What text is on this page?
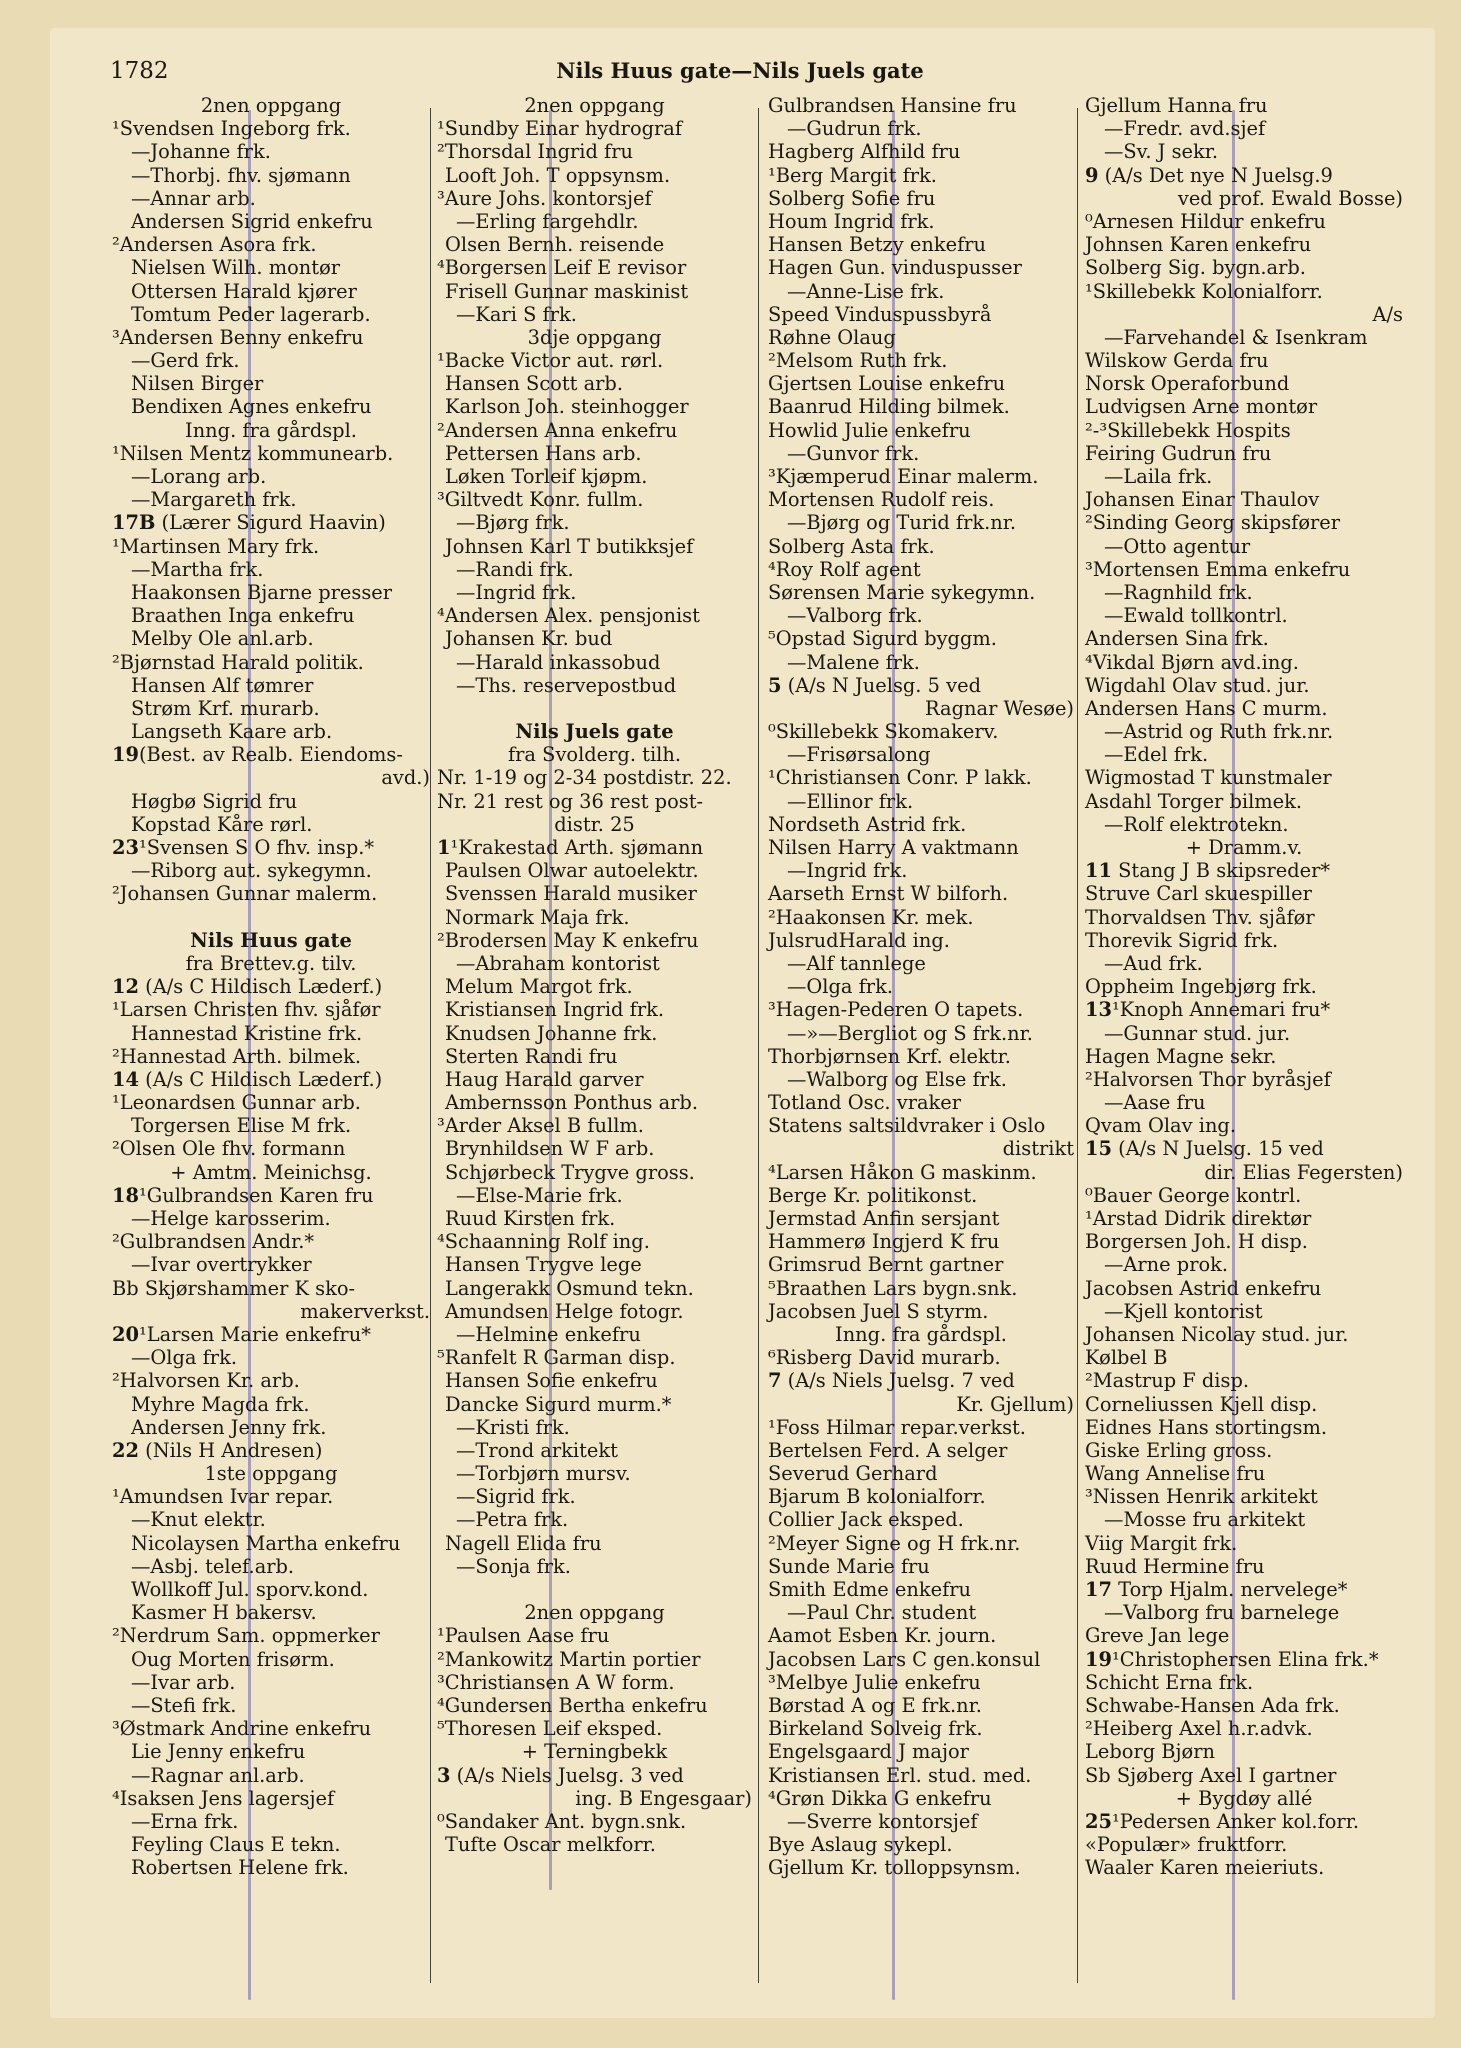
1782	Nils Huus gate—Nils Juels gate
2nen oppgang
¹Svendsen Ingeborg frk.
—Johanne frk.
—Thorbj. fhv. sjømann
—Annar arb.
Andersen Sigrid enkefru
²Andersen Asora frk.
Nielsen Wilh. montør
Ottersen Harald kjører
Tomtum Peder lagerarb.
³Andersen Benny enkefru
—Gerd frk.
Nilsen Birger
Bendixen Agnes enkefru
Inng. fra gårdspl.
¹Nilsen Mentz kommunearb.
—Lorang arb.
—Margareth frk.
17B (Lærer Sigurd Haavin)
¹Martinsen Mary frk.
—Martha frk.
Haakonsen Bjarne presser
Braathen Inga enkefru
Melby Ole anl.arb.
²Bjørnstad Harald politik.
Hansen Alf tømrer
Strøm Krf. murarb.
Langseth Kaare arb.
19(Best. av Realb. Eiendoms-
avd.)
Høgbø Sigrid fru
Kopstad Kåre rørl.
23¹Svensen S O fhv. insp.*
—Riborg aut. sykegymn.
²Johansen Gunnar malerm.
Nils Huus gate
fra Brettev.g. tilv.
12 (A/s C Hildisch Læderf.)
¹Larsen Christen fhv. sjåfør
Hannestad Kristine frk.
²Hannestad Arth. bilmek.
14 (A/s C Hildisch Læderf.)
¹Leonardsen Gunnar arb.
Torgersen Elise M frk.
²Olsen Ole fhv. formann
+ Amtm. Meinichsg.
18¹Gulbrandsen Karen fru
—Helge karosserim.
²Gulbrandsen Andr.*
—Ivar overtrykker
Bb Skjørshammer K sko-
makerverkst.
20¹Larsen Marie enkefru*
—Olga frk.
²Halvorsen Kr. arb.
Myhre Magda frk.
Andersen Jenny frk.
22 (Nils H Andresen)
1ste oppgang
¹Amundsen Ivar repar.
—Knut elektr.
Nicolaysen Martha enkefru
—Asbj. telef.arb.
Wollkoff Jul. sporv.kond.
Kasmer H bakersv.
²Nerdrum Sam. oppmerker
Oug Morten frisørm.
—Ivar arb.
—Stefi frk.
³Østmark Andrine enkefru
Lie Jenny enkefru
—Ragnar anl.arb.
⁴Isaksen Jens lagersjef
—Erna frk.
Feyling Claus E tekn.
Robertsen Helene frk.
2nen oppgang
¹Sundby Einar hydrograf
²Thorsdal Ingrid fru
Looft Joh. T oppsynsm.
³Aure Johs. kontorsjef
—Erling fargehdlr.
Olsen Bernh. reisende
⁴Borgersen Leif E revisor
Frisell Gunnar maskinist
—Kari S frk.
3dje oppgang
¹Backe Victor aut. rørl.
Hansen Scott arb.
Karlson Joh. steinhogger
²Andersen Anna enkefru
Pettersen Hans arb.
Løken Torleif kjøpm.
³Giltvedt Konr. fullm.
—Bjørg frk.
Johnsen Karl T butikksjef
—Randi frk.
—Ingrid frk.
⁴Andersen Alex. pensjonist
Johansen Kr. bud
—Harald inkassobud
—Ths. reservepostbud
Nils Juels gate
fra Svolderg. tilh.
Nr. 1-19 og 2-34 postdistr. 22.
Nr. 21 rest og 36 rest post-
distr. 25
1¹Krakestad Arth. sjømann
Paulsen Olwar autoelektr.
Svenssen Harald musiker
Normark Maja frk.
²Brodersen May K enkefru
—Abraham kontorist
Melum Margot frk.
Kristiansen Ingrid frk.
Knudsen Johanne frk.
Sterten Randi fru
Haug Harald garver
Ambernsson Ponthus arb.
³Arder Aksel B fullm.
Brynhildsen W F arb.
Schjørbeck Trygve gross.
—Else-Marie frk.
Ruud Kirsten frk.
⁴Schaanning Rolf ing.
Hansen Trygve lege
Langerakk Osmund tekn.
Amundsen Helge fotogr.
—Helmine enkefru
⁵Ranfelt R Garman disp.
Hansen Sofie enkefru
Dancke Sigurd murm.*
—Kristi frk.
—Trond arkitekt
—Torbjørn mursv.
—Sigrid frk.
—Petra frk.
Nagell Elida fru
—Sonja frk.
2nen oppgang
¹Paulsen Aase fru
²Mankowitz Martin portier
³Christiansen A W form.
⁴Gundersen Bertha enkefru
⁵Thoresen Leif eksped.
+ Terningbekk
3 (A/s Niels Juelsg. 3 ved
ing. B Engesgaar)
⁰Sandaker Ant. bygn.snk.
Tufte Oscar melkforr.
Gulbrandsen Hansine fru
—Gudrun frk.
Hagberg Alfhild fru
¹Berg Margit frk.
Solberg Sofie fru
Houm Ingrid frk.
Hansen Betzy enkefru
Hagen Gun. vinduspusser
—Anne-Lise frk.
Speed Vinduspussbyrå
Røhne Olaug
²Melsom Ruth frk.
Gjertsen Louise enkefru
Baanrud Hilding bilmek.
Howlid Julie enkefru
—Gunvor frk.
³Kjæmperud Einar malerm.
Mortensen Rudolf reis.
—Bjørg og Turid frk.nr.
Solberg Asta frk.
⁴Roy Rolf agent
Sørensen Marie sykegymn.
—Valborg frk.
⁵Opstad Sigurd byggm.
—Malene frk.
5 (A/s N Juelsg. 5 ved
Ragnar Wesøe)
⁰Skillebekk Skomakerv.
—Frisørsalong
¹Christiansen Conr. P lakk.
—Ellinor frk.
Nordseth Astrid frk.
Nilsen Harry A vaktmann
—Ingrid frk.
Aarseth Ernst W bilforh.
²Haakonsen Kr. mek.
JulsrudHarald ing.
—Alf tannlege
—Olga frk.
³Hagen-Pederen O tapets.
—»—Bergliot og S frk.nr.
Thorbjørnsen Krf. elektr.
—Walborg og Else frk.
Totland Osc. vraker
Statens saltsildvraker i Oslo
distrikt
⁴Larsen Håkon G maskinm.
Berge Kr. politikonst.
Jermstad Anfin sersjant
Hammerø Ingjerd K fru
Grimsrud Bernt gartner
⁵Braathen Lars bygn.snk.
Jacobsen Juel S styrm.
Inng. fra gårdspl.
⁶Risberg David murarb.
7 (A/s Niels Juelsg. 7 ved
Kr. Gjellum)
¹Foss Hilmar repar.verkst.
Bertelsen Ferd. A selger
Severud Gerhard
Bjarum B kolonialforr.
Collier Jack eksped.
²Meyer Signe og H frk.nr.
Sunde Marie fru
Smith Edme enkefru
—Paul Chr. student
Aamot Esben Kr. journ.
Jacobsen Lars C gen.konsul
³Melbye Julie enkefru
Børstad A og E frk.nr.
Birkeland Solveig frk.
Engelsgaard J major
Kristiansen Erl. stud. med.
⁴Grøn Dikka G enkefru
—Sverre kontorsjef
Bye Aslaug sykepl.
Gjellum Kr. tolloppsynsm.
Gjellum Hanna fru
—Fredr. avd.sjef
—Sv. J sekr.
9 (A/s Det nye N Juelsg.9
ved prof. Ewald Bosse)
⁰Arnesen Hildur enkefru
Johnsen Karen enkefru
Solberg Sig. bygn.arb.
¹Skillebekk Kolonialforr.
A/s
—Farvehandel & Isenkram
Wilskow Gerda fru
Norsk Operaforbund
Ludvigsen Arne montør
²-³Skillebekk Hospits
Feiring Gudrun fru
—Laila frk.
Johansen Einar Thaulov
²Sinding Georg skipsfører
—Otto agentur
³Mortensen Emma enkefru
—Ragnhild frk.
—Ewald tollkontrl.
Andersen Sina frk.
⁴Vikdal Bjørn avd.ing.
Wigdahl Olav stud. jur.
Andersen Hans C murm.
—Astrid og Ruth frk.nr.
—Edel frk.
Wigmostad T kunstmaler
Asdahl Torger bilmek.
—Rolf elektrotekn.
+ Dramm.v.
11 Stang J B skipsreder*
Struve Carl skuespiller
Thorvaldsen Thv. sjåfør
Thorevik Sigrid frk.
—Aud frk.
Oppheim Ingebjørg frk.
13¹Knoph Annemari fru*
—Gunnar stud. jur.
Hagen Magne sekr.
²Halvorsen Thor byråsjef
—Aase fru
Qvam Olav ing.
15 (A/s N Juelsg. 15 ved
dir. Elias Fegersten)
⁰Bauer George kontrl.
¹Arstad Didrik direktør
Borgersen Joh. H disp.
—Arne prok.
Jacobsen Astrid enkefru
—Kjell kontorist
Johansen Nicolay stud. jur.
Kølbel B
²Mastrup F disp.
Corneliussen Kjell disp.
Eidnes Hans stortingsm.
Giske Erling gross.
Wang Annelise fru
³Nissen Henrik arkitekt
—Mosse fru arkitekt
Viig Margit frk.
Ruud Hermine fru
17 Torp Hjalm. nervelege*
—Valborg fru barnelege
Greve Jan lege
19¹Christophersen Elina frk.*
Schicht Erna frk.
Schwabe-Hansen Ada frk.
²Heiberg Axel h.r.advk.
Leborg Bjørn
Sb Sjøberg Axel I gartner
+ Bygdøy allé
25¹Pedersen Anker kol.forr.
«Populær» fruktforr.
Waaler Karen meieriuts.
